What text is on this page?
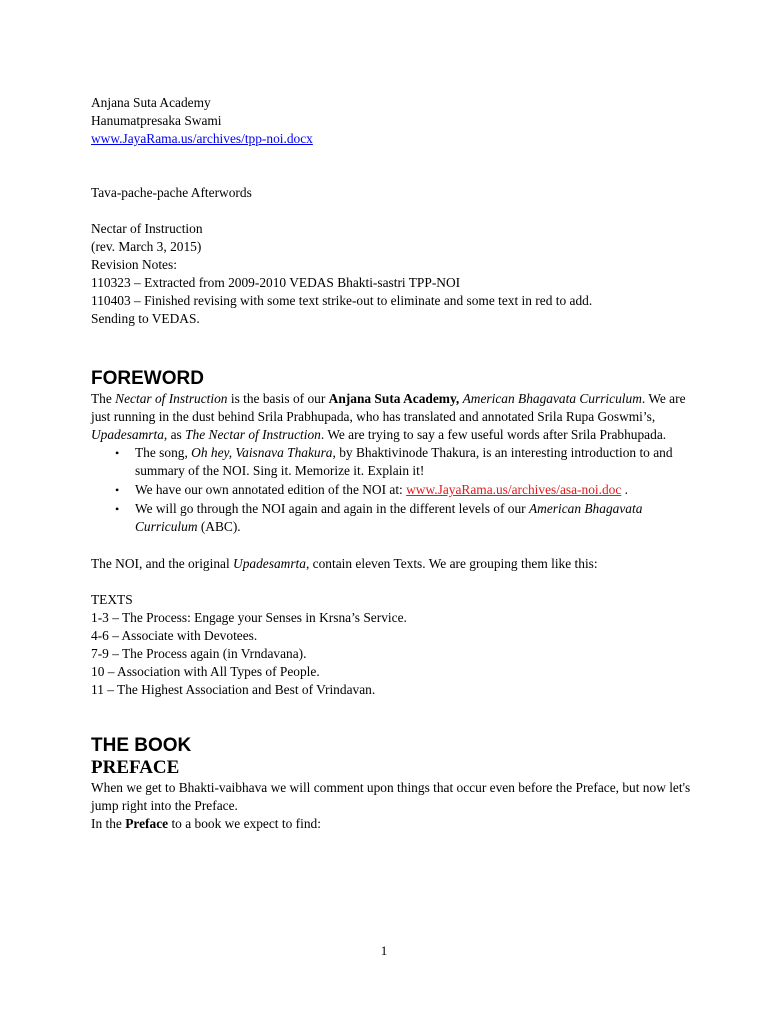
Anjana Suta Academy

Hanumatpresaka Swami

www.JayaRama.us/archives/tpp-noi.docx

Tava-pache-pache Afterwords

Nectar of Instruction

(rev. March 3, 2015)

Revision Notes:

110323 – Extracted from 2009-2010 VEDAS Bhakti-sastri TPP-NOI

110403 – Finished revising with some text strike-out to eliminate and some text in red to add.

Sending to VEDAS.

FOREWORD

The Nectar of Instruction is the basis of our Anjana Suta Academy, American Bhagavata Curriculum. We are just running in the dust behind Srila Prabhupada, who has translated and annotated Srila Rupa Goswmi’s, Upadesamrta, as The Nectar of Instruction. We are trying to say a few useful words after Srila Prabhupada.

• The song, Oh hey, Vaisnava Thakura, by Bhaktivinode Thakura, is an interesting introduction to and summary of the NOI. Sing it. Memorize it. Explain it!
• We have our own annotated edition of the NOI at: www.JayaRama.us/archives/asa-noi.doc .
• We will go through the NOI again and again in the different levels of our American Bhagavata Curriculum (ABC).

The NOI, and the original Upadesamrta, contain eleven Texts. We are grouping them like this:

TEXTS

1-3 – The Process: Engage your Senses in Krsna’s Service.

4-6 – Associate with Devotees.

7-9 – The Process again (in Vrndavana).

10 – Association with All Types of People.

11 – The Highest Association and Best of Vrindavan.

THE BOOK
PREFACE

When we get to Bhakti-vaibhava we will comment upon things that occur even before the Preface, but now let's jump right into the Preface.

In the Preface to a book we expect to find:

1
